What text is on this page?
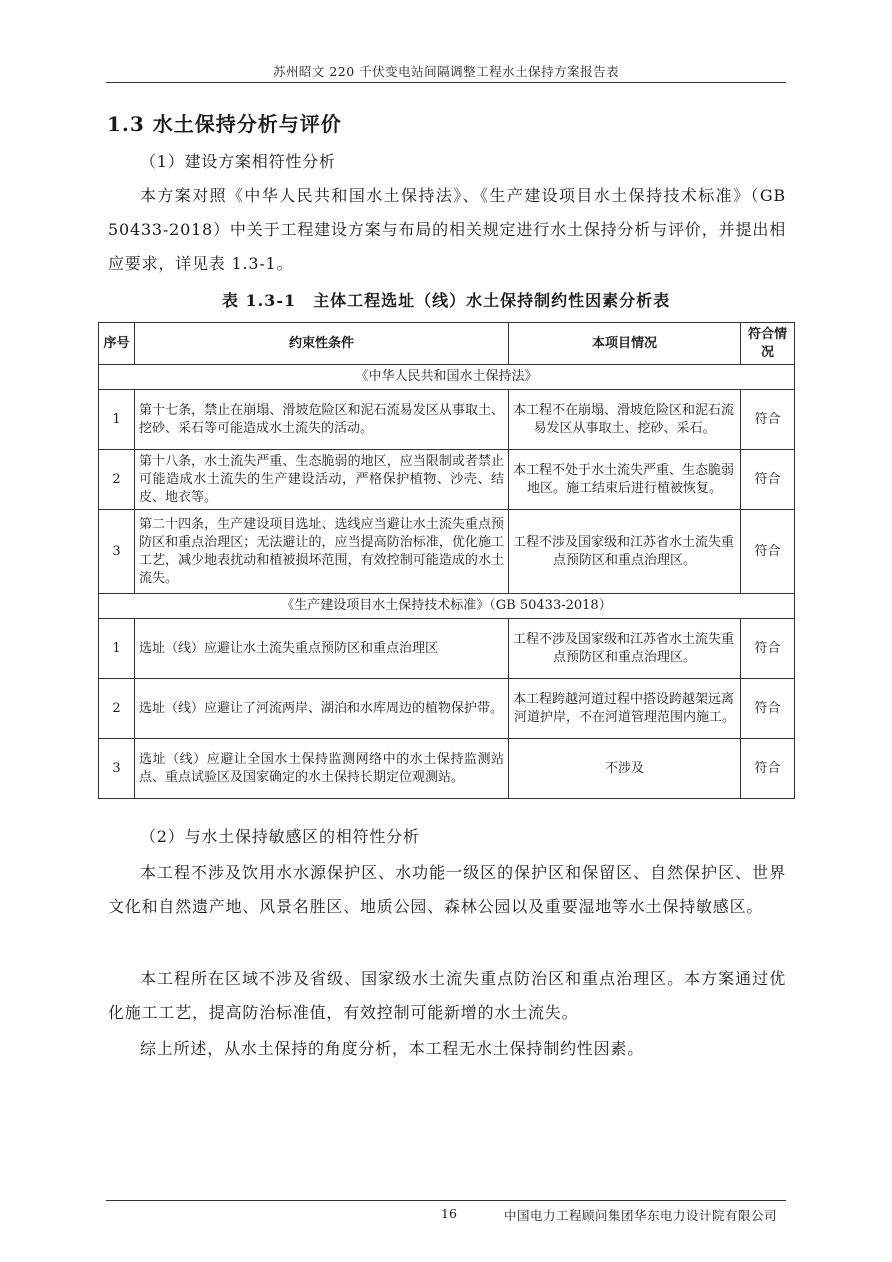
苏州昭文 220 千伏变电站间隔调整工程水土保持方案报告表
1.3 水土保持分析与评价
（1）建设方案相符性分析
本方案对照《中华人民共和国水土保持法》、《生产建设项目水土保持技术标准》（GB 50433-2018）中关于工程建设方案与布局的相关规定进行水土保持分析与评价，并提出相应要求，详见表 1.3-1。
表 1.3-1　主体工程选址（线）水土保持制约性因素分析表
序号	约束性条件	本项目情况	符合情况
《中华人民共和国水土保持法》			
1	第十七条，禁止在崩塌、滑坡危险区和泥石流易发区从事取土、挖砂、采石等可能造成水土流失的活动。	本工程不在崩塌、滑坡危险区和泥石流易发区从事取土、挖砂、采石。	符合
2	第十八条，水土流失严重、生态脆弱的地区，应当限制或者禁止可能造成水土流失的生产建设活动，严格保护植物、沙壳、结皮、地衣等。	本工程不处于水土流失严重、生态脆弱地区。施工结束后进行植被恢复。	符合
3	第二十四条，生产建设项目选址、选线应当避让水土流失重点预防区和重点治理区；无法避让的，应当提高防治标准，优化施工工艺，减少地表扰动和植被损坏范围，有效控制可能造成的水土流失。	工程不涉及国家级和江苏省水土流失重点预防区和重点治理区。	符合
《生产建设项目水土保持技术标准》（GB 50433-2018）			
1	选址（线）应避让水土流失重点预防区和重点治理区	工程不涉及国家级和江苏省水土流失重点预防区和重点治理区。	符合
2	选址（线）应避让了河流两岸、湖泊和水库周边的植物保护带。	本工程跨越河道过程中搭设跨越架远离河道护岸，不在河道管理范围内施工。	符合
3	选址（线）应避让全国水土保持监测网络中的水土保持监测站点、重点试验区及国家确定的水土保持长期定位观测站。	不涉及	符合
（2）与水土保持敏感区的相符性分析
本工程不涉及饮用水水源保护区、水功能一级区的保护区和保留区、自然保护区、世界文化和自然遗产地、风景名胜区、地质公园、森林公园以及重要湿地等水土保持敏感区。
本工程所在区域不涉及省级、国家级水土流失重点防治区和重点治理区。本方案通过优化施工工艺，提高防治标准值，有效控制可能新增的水土流失。
综上所述，从水土保持的角度分析，本工程无水土保持制约性因素。
16	中国电力工程顾问集团华东电力设计院有限公司
